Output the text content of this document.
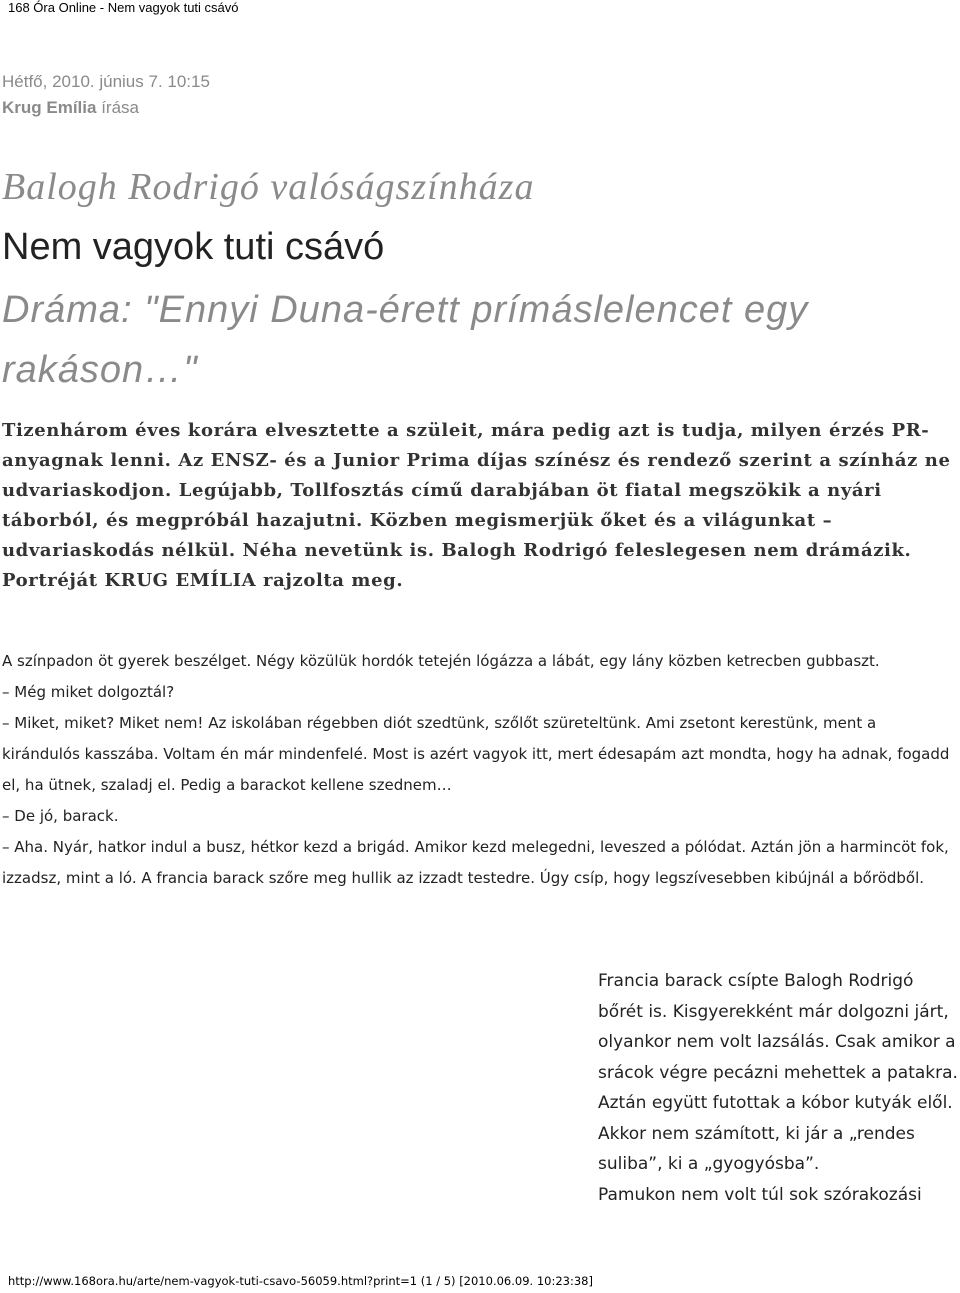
168 Óra Online - Nem vagyok tuti csávó
Hétfő, 2010. június 7. 10:15
Krug Emília írása
Balogh Rodrigó valóságszínháza
Nem vagyok tuti csávó
Dráma: "Ennyi Duna-érett prímáslelencet egy rakáson…"
Tizenhárom éves korára elvesztette a szüleit, mára pedig azt is tudja, milyen érzés PR-anyagnak lenni. Az ENSZ- és a Junior Prima díjas színész és rendező szerint a színház ne udvariaskodjon. Legújabb, Tollfosztás című darabjában öt fiatal megszökik a nyári táborból, és megpróbál hazajutni. Közben megismerjük őket és a világunkat – udvariaskodás nélkül. Néha nevetünk is. Balogh Rodrigó feleslegesen nem drámázik. Portréját KRUG EMÍLIA rajzolta meg.

A színpadon öt gyerek beszélget. Négy közülük hordók tetején lógázza a lábát, egy lány közben ketrecben gubbaszt.

– Még miket dolgoztál?

– Miket, miket? Miket nem! Az iskolában régebben diót szedtünk, szőlőt szüreteltünk. Ami zsetont kerestünk, ment a kirándulós kasszába. Voltam én már mindenfelé. Most is azért vagyok itt, mert édesapám azt mondta, hogy ha adnak, fogadd el, ha ütnek, szaladj el. Pedig a barackot kellene szednem…

– De jó, barack.

– Aha. Nyár, hatkor indul a busz, hétkor kezd a brigád. Amikor kezd melegedni, leveszed a pólódat. Aztán jön a harmincöt fok, izzadsz, mint a ló. A francia barack szőre meg hullik az izzadt testedre. Úgy csíp, hogy legszívesebben kibújnál a bőrödből.

Francia barack csípte Balogh Rodrigó bőrét is. Kisgyerekként már dolgozni járt, olyankor nem volt lazsálás. Csak amikor a srácok végre pecázni mehettek a patakra. Aztán együtt futottak a kóbor kutyák elől. Akkor nem számított, ki jár a „rendes suliba”, ki a „gyogyósba”.

Pamukon nem volt túl sok szórakozási

http://www.168ora.hu/arte/nem-vagyok-tuti-csavo-56059.html?print=1 (1 / 5) [2010.06.09. 10:23:38]
